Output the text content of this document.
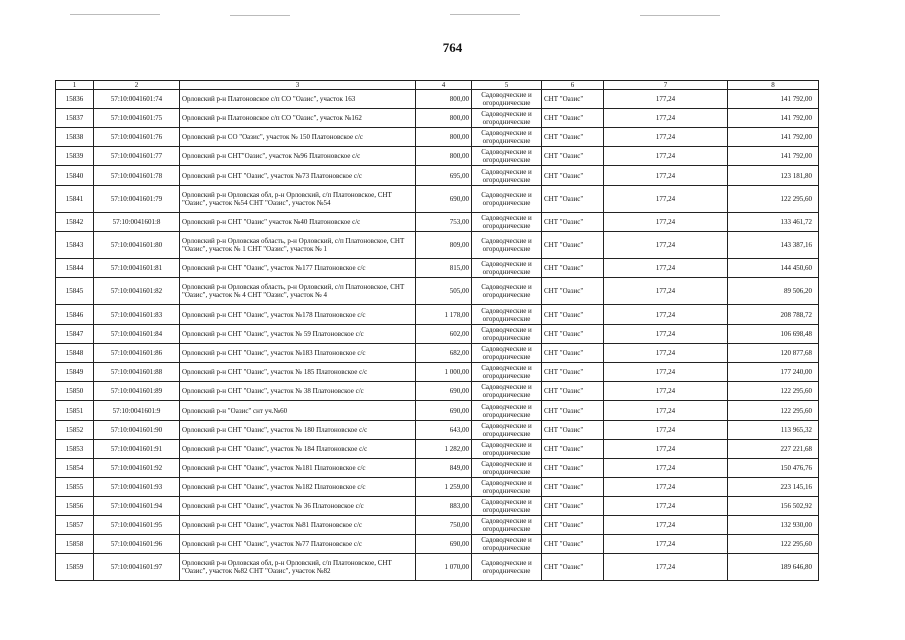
764
1	2	3	4	5	6	7	8
15836	57:10:0041601:74	Орловский р-н Платоновское с/п СО "Оазис", участок 163	800,00	Садоводческие и огороднические	СНТ "Оазис"	177,24	141 792,00
15837	57:10:0041601:75	Орловский р-н Платоновское с/п СО "Оазис", участок №162	800,00	Садоводческие и огороднические	СНТ "Оазис"	177,24	141 792,00
15838	57:10:0041601:76	Орловский р-н СО "Оазис", участок № 150 Платоновское с/с	800,00	Садоводческие и огороднические	СНТ "Оазис"	177,24	141 792,00
15839	57:10:0041601:77	Орловский р-н СНТ"Оазис", участок №96 Платоновское с/с	800,00	Садоводческие и огороднические	СНТ "Оазис"	177,24	141 792,00
15840	57:10:0041601:78	Орловский р-н СНТ "Оазис", участок №73 Платоновское с/с	695,00	Садоводческие и огороднические	СНТ "Оазис"	177,24	123 181,80
15841	57:10:0041601:79	Орловский р-н Орловская обл, р-н Орловский, с/п Платоновское, СНТ "Оазис", участок №54 СНТ "Оазис", участок №54	690,00	Садоводческие и огороднические	СНТ "Оазис"	177,24	122 295,60
15842	57:10:0041601:8	Орловский р-н СНТ "Оазис" участок №40 Платоновское с/с	753,00	Садоводческие и огороднические	СНТ "Оазис"	177,24	133 461,72
15843	57:10:0041601:80	Орловский р-н Орловская область, р-н Орловский, с/п Платоновское, СНТ "Оазис", участок № 1 СНТ "Оазис", участок № 1	809,00	Садоводческие и огороднические	СНТ "Оазис"	177,24	143 387,16
15844	57:10:0041601:81	Орловский р-н СНТ "Оазис", участок №177 Платоновское с/с	815,00	Садоводческие и огороднические	СНТ "Оазис"	177,24	144 450,60
15845	57:10:0041601:82	Орловский р-н Орловская область, р-н Орловский, с/п Платоновское, СНТ "Оазис", участок № 4 СНТ "Оазис", участок № 4	505,00	Садоводческие и огороднические	СНТ "Оазис"	177,24	89 506,20
15846	57:10:0041601:83	Орловский р-н СНТ "Оазис", участок №178 Платоновское с/с	1 178,00	Садоводческие и огороднические	СНТ "Оазис"	177,24	208 788,72
15847	57:10:0041601:84	Орловский р-н СНТ "Оазис", участок № 59 Платоновское с/с	602,00	Садоводческие и огороднические	СНТ "Оазис"	177,24	106 698,48
15848	57:10:0041601:86	Орловский р-н СНТ "Оазис", участок №183 Платоновское с/с	682,00	Садоводческие и огороднические	СНТ "Оазис"	177,24	120 877,68
15849	57:10:0041601:88	Орловский р-н СНТ "Оазис", участок № 185 Платоновское с/с	1 000,00	Садоводческие и огороднические	СНТ "Оазис"	177,24	177 240,00
15850	57:10:0041601:89	Орловский р-н СНТ "Оазис", участок № 38 Платоновское с/с	690,00	Садоводческие и огороднические	СНТ "Оазис"	177,24	122 295,60
15851	57:10:0041601:9	Орловский р-н "Оазис" снт уч.№60	690,00	Садоводческие и огороднические	СНТ "Оазис"	177,24	122 295,60
15852	57:10:0041601:90	Орловский р-н СНТ "Оазис", участок № 180 Платоновское с/с	643,00	Садоводческие и огороднические	СНТ "Оазис"	177,24	113 965,32
15853	57:10:0041601:91	Орловский р-н СНТ "Оазис", участок № 184 Платоновское с/с	1 282,00	Садоводческие и огороднические	СНТ "Оазис"	177,24	227 221,68
15854	57:10:0041601:92	Орловский р-н СНТ "Оазис", участок №181 Платоновское с/с	849,00	Садоводческие и огороднические	СНТ "Оазис"	177,24	150 476,76
15855	57:10:0041601:93	Орловский р-н СНТ "Оазис", участок №182 Платоновское с/с	1 259,00	Садоводческие и огороднические	СНТ "Оазис"	177,24	223 145,16
15856	57:10:0041601:94	Орловский р-н СНТ "Оазис", участок № 36 Платоновское с/с	883,00	Садоводческие и огороднические	СНТ "Оазис"	177,24	156 502,92
15857	57:10:0041601:95	Орловский р-н СНТ "Оазис", участок №81 Платоновское с/с	750,00	Садоводческие и огороднические	СНТ "Оазис"	177,24	132 930,00
15858	57:10:0041601:96	Орловский р-н СНТ "Оазис", участок №77 Платоновское с/с	690,00	Садоводческие и огороднические	СНТ "Оазис"	177,24	122 295,60
15859	57:10:0041601:97	Орловский р-н Орловская обл, р-н Орловский, с/п Платоновское, СНТ "Оазис", участок №82 СНТ "Оазис", участок №82	1 070,00	Садоводческие и огороднические	СНТ "Оазис"	177,24	189 646,80
